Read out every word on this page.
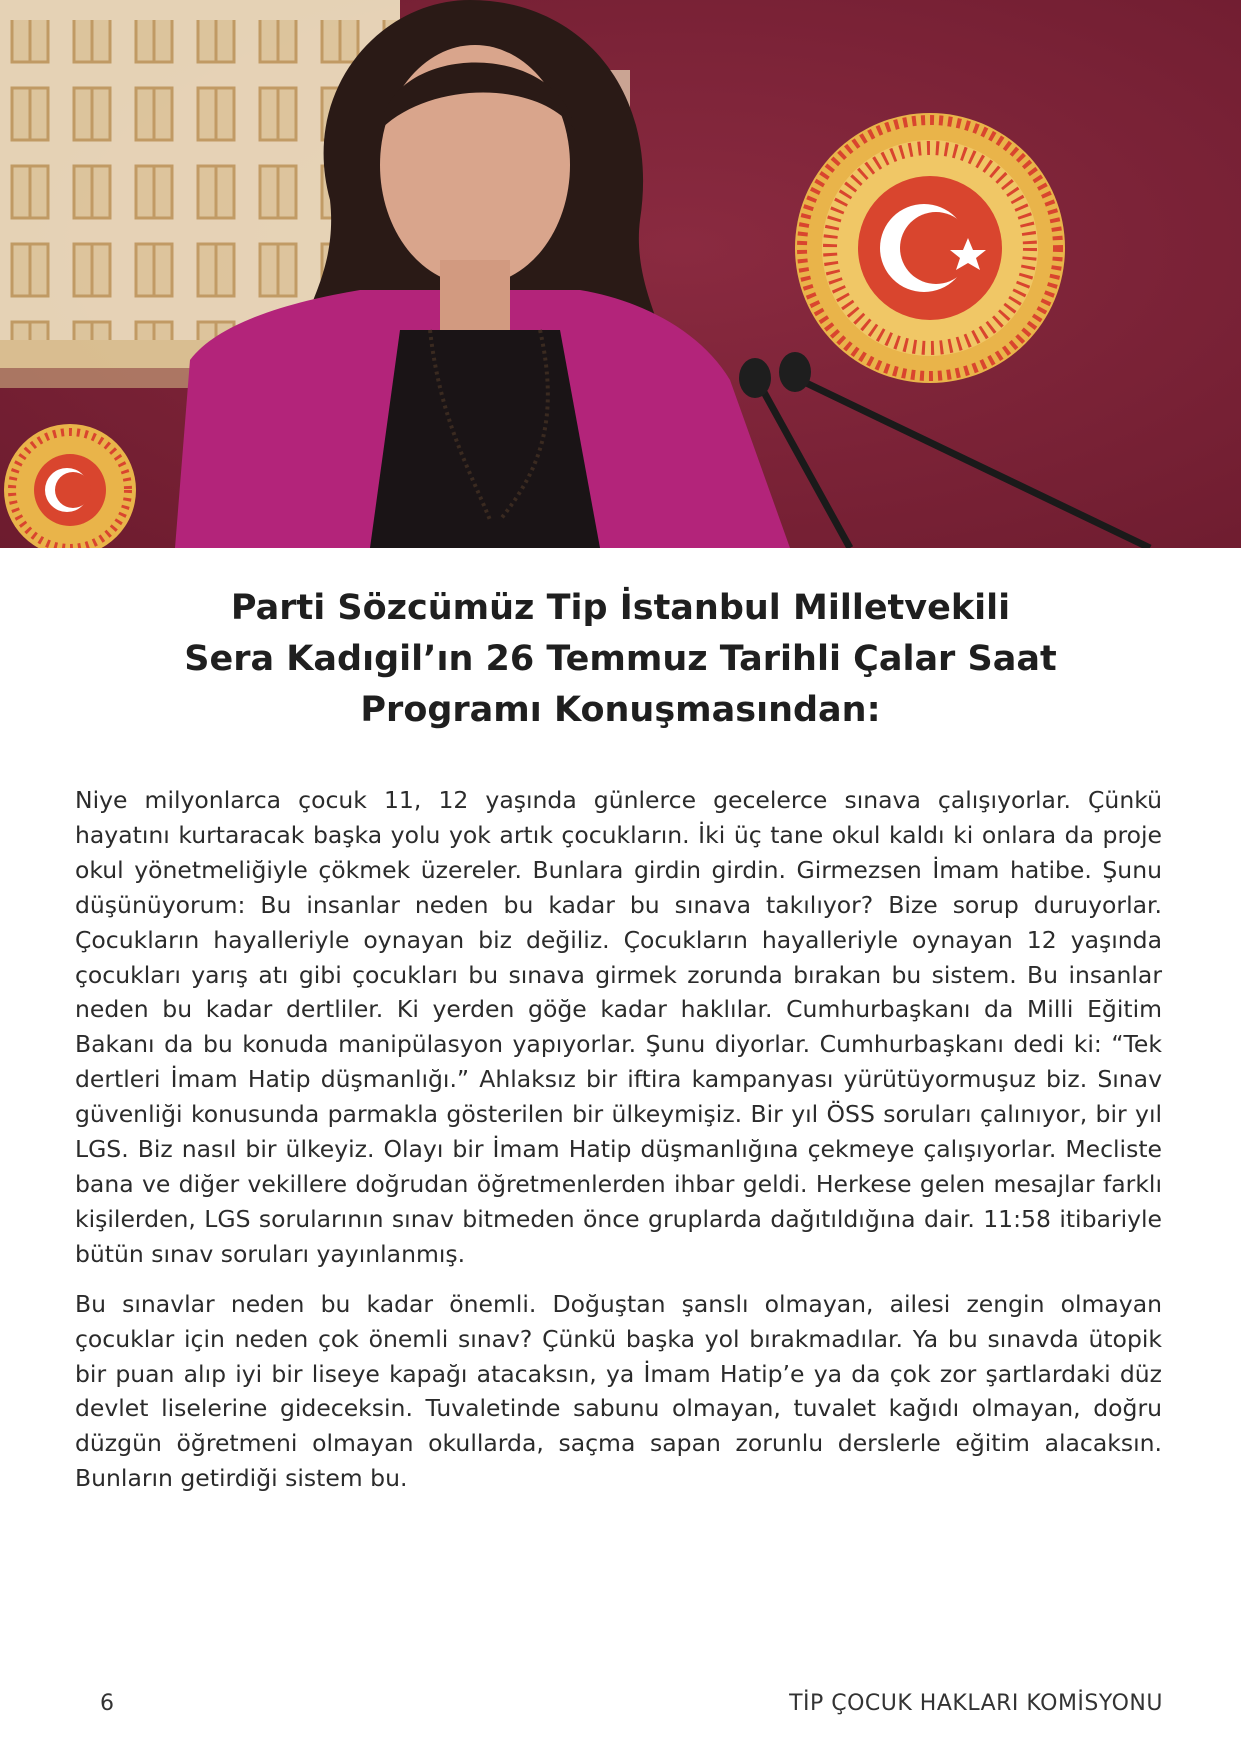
Parti Sözcümüz Tip İstanbul Milletvekili
Sera Kadıgil’ın 26 Temmuz Tarihli Çalar Saat
Programı Konuşmasından:

Niye milyonlarca çocuk 11, 12 yaşında günlerce gecelerce sınava çalışıyorlar. Çünkü hayatını kurtaracak başka yolu yok artık çocukların. İki üç tane okul kaldı ki onlara da proje okul yönetmeliğiyle çökmek üzereler. Bunlara girdin girdin. Girmezsen İmam hatibe. Şunu düşünüyorum: Bu insanlar neden bu kadar bu sınava takılıyor? Bize sorup duruyorlar. Çocukların hayalleriyle oynayan biz değiliz. Çocukların hayalleriyle oynayan 12 yaşında çocukları yarış atı gibi çocukları bu sınava girmek zorunda bırakan bu sistem. Bu insanlar neden bu kadar dertliler. Ki yerden göğe kadar haklılar. Cumhurbaşkanı da Milli Eğitim Bakanı da bu konuda manipülasyon yapıyorlar. Şunu diyorlar. Cumhurbaşkanı dedi ki: “Tek dertleri İmam Hatip düşmanlığı.” Ahlaksız bir iftira kampanyası yürütüyormuşuz biz. Sınav güvenliği konusunda parmakla gösterilen bir ülkeymişiz. Bir yıl ÖSS soruları çalınıyor, bir yıl LGS. Biz nasıl bir ülkeyiz. Olayı bir İmam Hatip düşmanlığına çekmeye çalışıyorlar. Mecliste bana ve diğer vekillere doğrudan öğretmenlerden ihbar geldi. Herkese gelen mesajlar farklı kişilerden, LGS sorularının sınav bitmeden önce gruplarda dağıtıldığına dair. 11:58 itibariyle bütün sınav soruları yayınlanmış.

Bu sınavlar neden bu kadar önemli. Doğuştan şanslı olmayan, ailesi zengin olmayan çocuklar için neden çok önemli sınav? Çünkü başka yol bırakmadılar. Ya bu sınavda ütopik bir puan alıp iyi bir liseye kapağı atacaksın, ya İmam Hatip’e ya da çok zor şartlardaki düz devlet liselerine gideceksin. Tuvaletinde sabunu olmayan, tuvalet kağıdı olmayan, doğru düzgün öğretmeni olmayan okullarda, saçma sapan zorunlu derslerle eğitim alacaksın. Bunların getirdiği sistem bu.

6	TİP ÇOCUK HAKLARI KOMİSYONU
